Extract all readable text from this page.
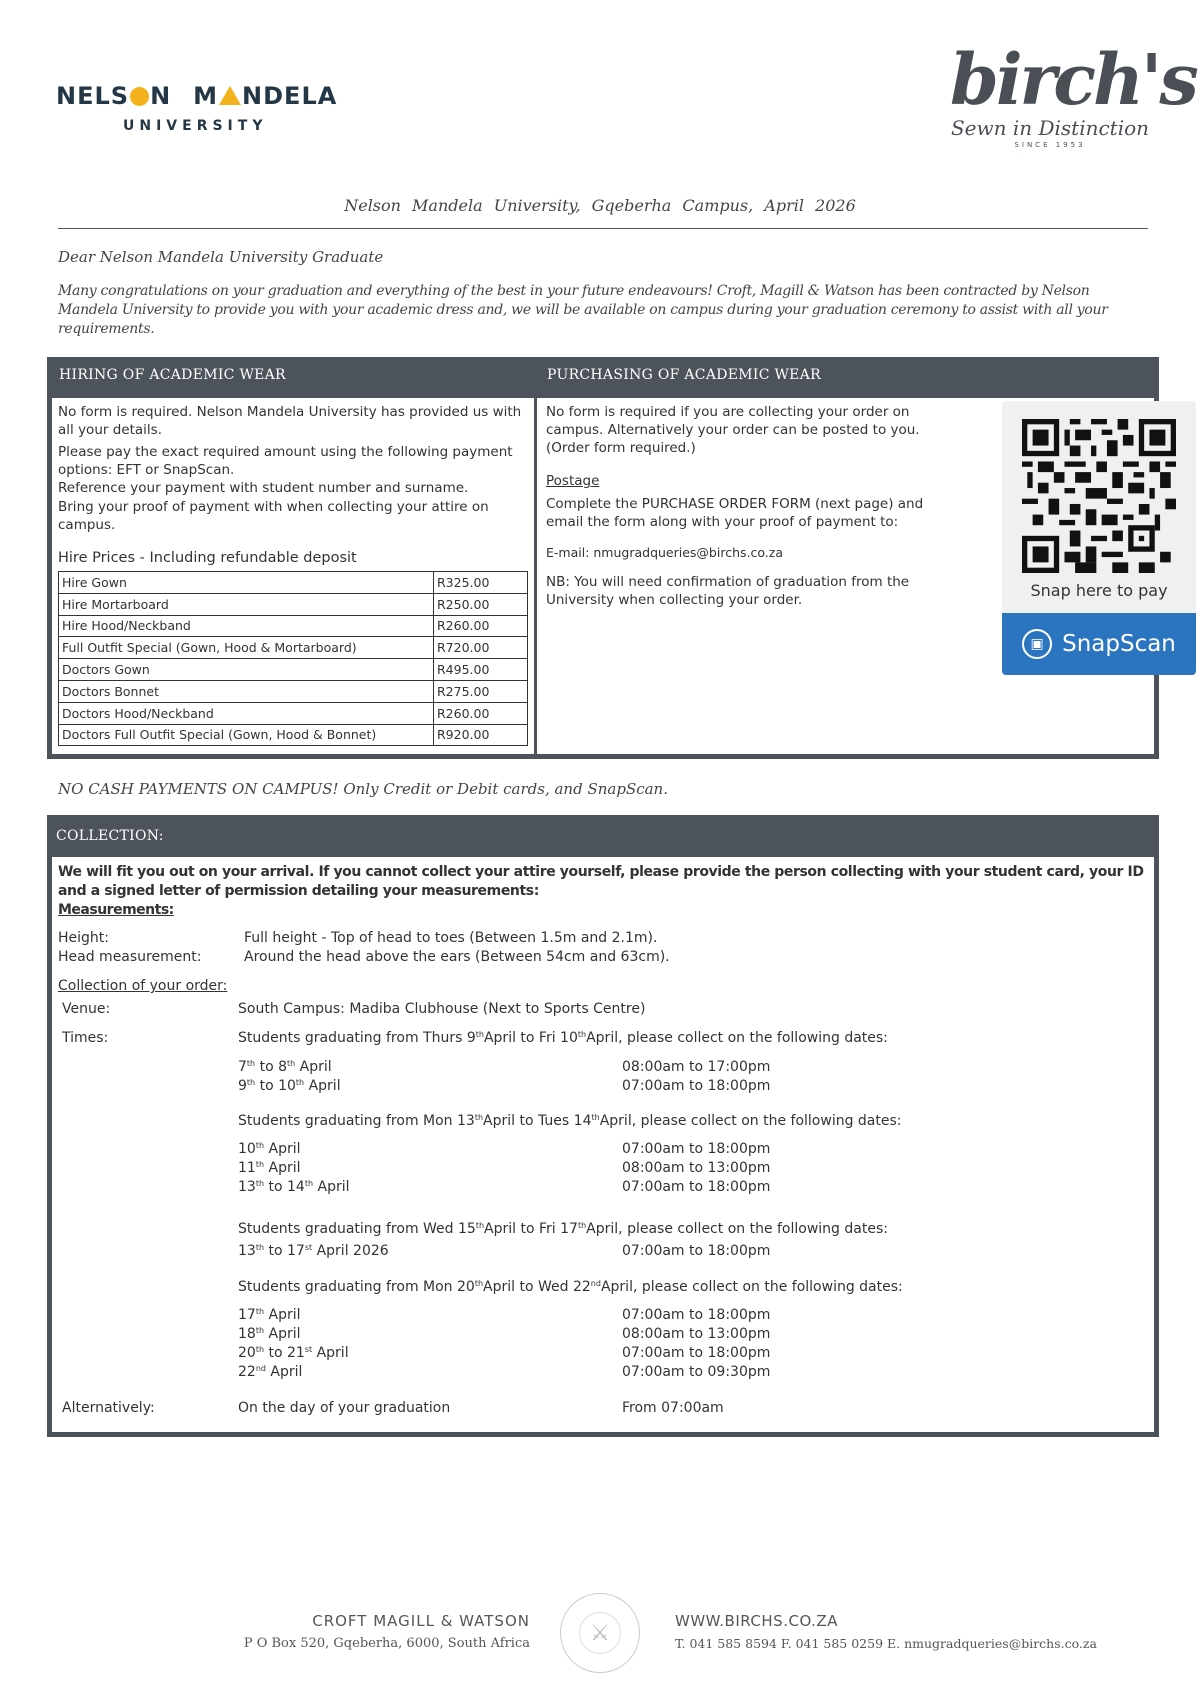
NELS N M NDELA
UNIVERSITY
birch's
Sewn in Distinction
SINCE 1953
Nelson Mandela University, Gqeberha Campus, April 2026
Dear Nelson Mandela University Graduate
Many congratulations on your graduation and everything of the best in your future endeavours! Croft, Magill & Watson has been contracted by Nelson Mandela University to provide you with your academic dress and, we will be available on campus during your graduation ceremony to assist with all your requirements.
HIRING OF ACADEMIC WEAR	PURCHASING OF ACADEMIC WEAR
No form is required. Nelson Mandela University has provided us with all your details.
Please pay the exact required amount using the following payment options: EFT or SnapScan.
Reference your payment with student number and surname.
Bring your proof of payment with when collecting your attire on campus.
Hire Prices - Including refundable deposit
Hire Gown	R325.00
Hire Mortarboard	R250.00
Hire Hood/Neckband	R260.00
Full Outfit Special (Gown, Hood & Mortarboard)	R720.00
Doctors Gown	R495.00
Doctors Bonnet	R275.00
Doctors Hood/Neckband	R260.00
Doctors Full Outfit Special (Gown, Hood & Bonnet)	R920.00
No form is required if you are collecting your order on campus. Alternatively your order can be posted to you. (Order form required.)
Postage
Complete the PURCHASE ORDER FORM (next page) and email the form along with your proof of payment to:
E-mail: nmugradqueries@birchs.co.za
NB: You will need confirmation of graduation from the University when collecting your order.	Snap here to pay
▣ SnapScan
NO CASH PAYMENTS ON CAMPUS! Only Credit or Debit cards, and SnapScan.
COLLECTION:
We will fit you out on your arrival. If you cannot collect your attire yourself, please provide the person collecting with your student card, your ID and a signed letter of permission detailing your measurements:
Measurements:
Height:	Full height - Top of head to toes (Between 1.5m and 2.1m).
Head measurement:	Around the head above the ears (Between 54cm and 63cm).
Collection of your order:
Venue:	South Campus: Madiba Clubhouse (Next to Sports Centre)
Times:	Students graduating from Thurs 9thApril to Fri 10thApril, please collect on the following dates:
7th to 8th April	08:00am to 17:00pm
9th to 10th April	07:00am to 18:00pm
Students graduating from Mon 13thApril to Tues 14thApril, please collect on the following dates:
10th April	07:00am to 18:00pm
11th April	08:00am to 13:00pm
13th to 14th April	07:00am to 18:00pm
Students graduating from Wed 15thApril to Fri 17thApril, please collect on the following dates:
13th to 17st April 2026	07:00am to 18:00pm
Students graduating from Mon 20thApril to Wed 22ndApril, please collect on the following dates:
17th April	07:00am to 18:00pm
18th April	08:00am to 13:00pm
20th to 21st April	07:00am to 18:00pm
22nd April	07:00am to 09:30pm
Alternatively:	On the day of your graduation	From 07:00am
CROFT MAGILL & WATSON
P O Box 520, Gqeberha, 6000, South Africa	⚔	WWW.BIRCHS.CO.ZA
T. 041 585 8594 F. 041 585 0259 E. nmugradqueries@birchs.co.za
